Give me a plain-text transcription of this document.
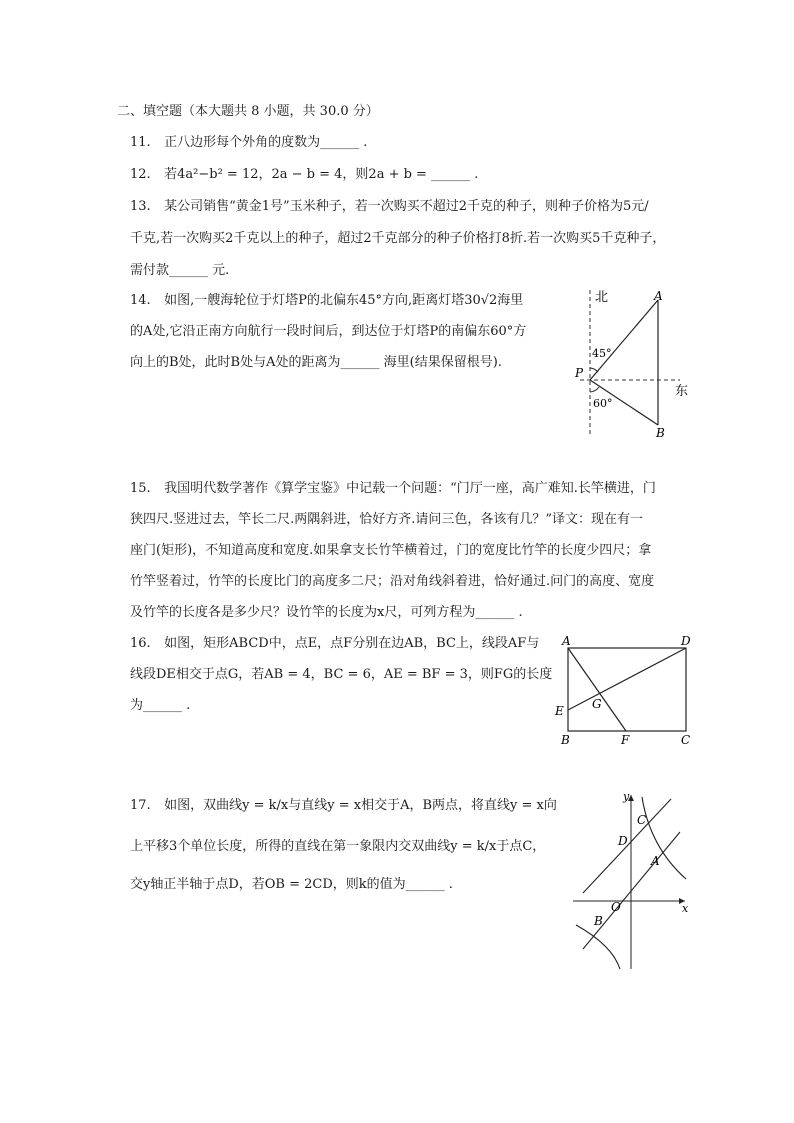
二、填空题（本大题共 8 小题，共 30.0 分）
11. 正八边形每个外角的度数为______ .
12. 若4a²−b² = 12，2a − b = 4，则2a + b = ______ .
13. 某公司销售“黄金1号”玉米种子，若一次购买不超过2千克的种子，则种子价格为5元/
千克,若一次购买2千克以上的种子，超过2千克部分的种子价格打8折.若一次购买5千克种子，
需付款______ 元.
14. 如图,一艘海轮位于灯塔P的北偏东45°方向,距离灯塔30√2海里
的A处,它沿正南方向航行一段时间后，到达位于灯塔P的南偏东60°方
向上的B处，此时B处与A处的距离为______ 海里(结果保留根号).
北
东
A
B
P
45°
60°
15. 我国明代数学著作《算学宝鉴》中记载一个问题：“门厅一座，高广难知.长竿横进，门
狭四尺.竖进过去，竿长二尺.两隅斜进，恰好方齐.请问三色，各该有几？”译文：现在有一
座门(矩形)，不知道高度和宽度.如果拿支长竹竿横着过，门的宽度比竹竿的长度少四尺；拿
竹竿竖着过，竹竿的长度比门的高度多二尺；沿对角线斜着进，恰好通过.问门的高度、宽度
及竹竿的长度各是多少尺？设竹竿的长度为x尺，可列方程为______ .
16. 如图，矩形ABCD中，点E，点F分别在边AB，BC上，线段AF与
线段DE相交于点G，若AB = 4，BC = 6，AE = BF = 3，则FG的长度
为______ .
A	D
B	C
E
F
G
17. 如图，双曲线y = k/x与直线y = x相交于A，B两点，将直线y = x向
上平移3个单位长度，所得的直线在第一象限内交双曲线y = k/x于点C，
交y轴正半轴于点D，若OB = 2CD，则k的值为______ .
y
x
O
A
B
C
D
